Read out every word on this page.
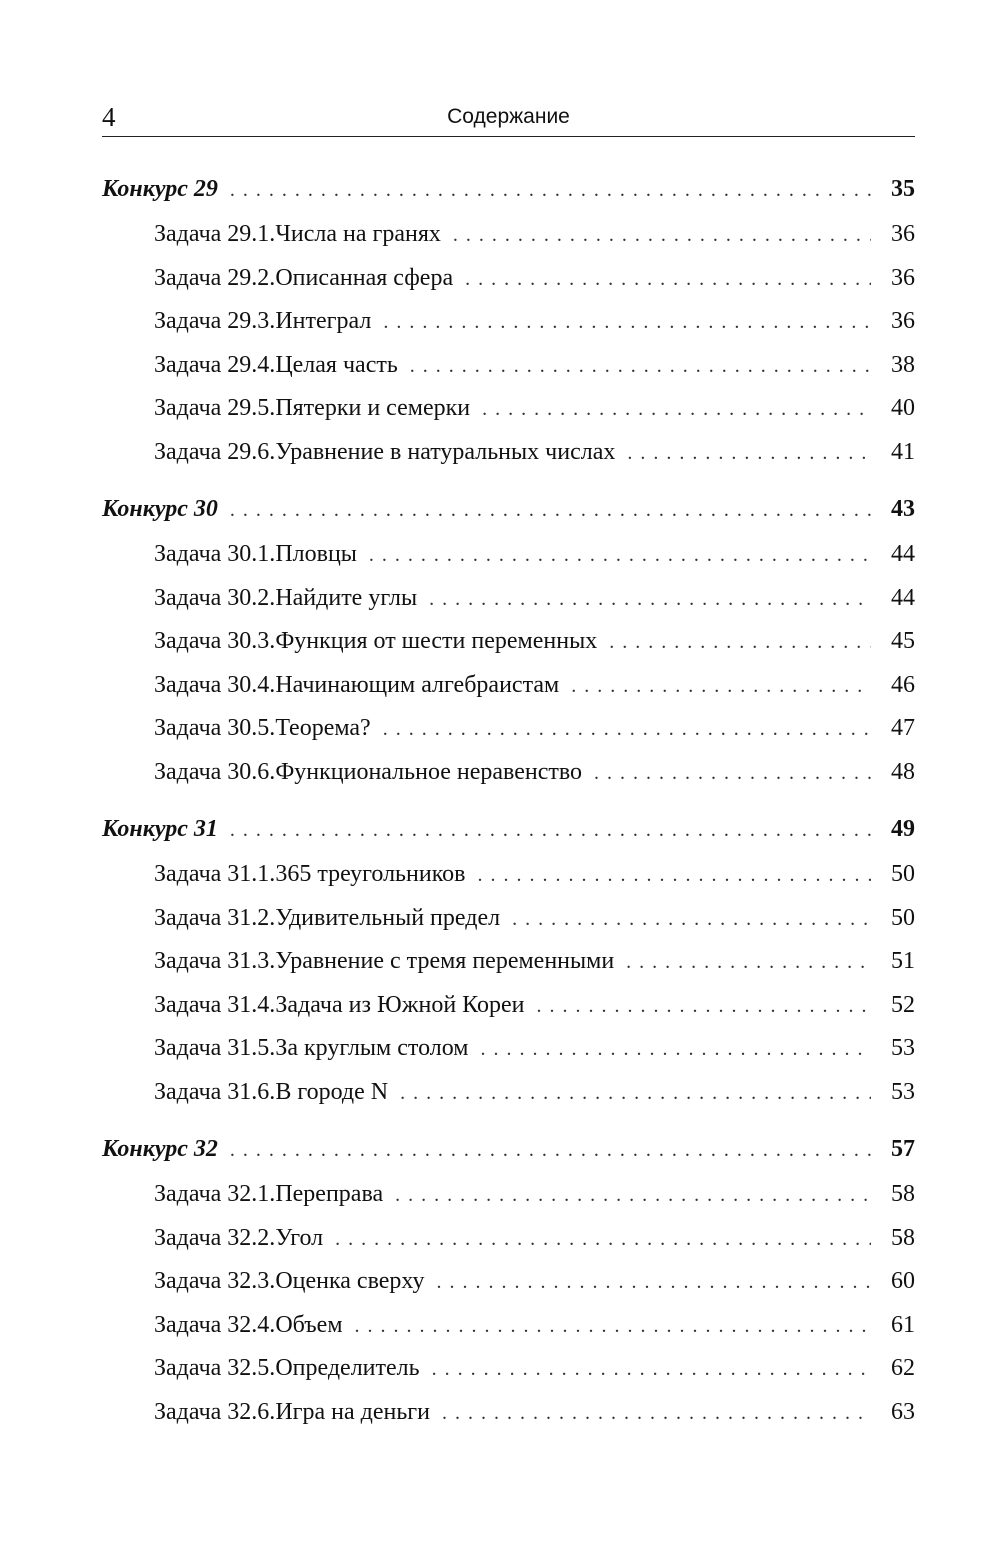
4	Содержание
Конкурс 29 . . .	35
Задача 29.1. Числа на гранях . . .	36
Задача 29.2. Описанная сфера . . .	36
Задача 29.3. Интеграл . . .	36
Задача 29.4. Целая часть . . .	38
Задача 29.5. Пятерки и семерки . . .	40
Задача 29.6. Уравнение в натуральных числах . . .	41
Конкурс 30 . . .	43
Задача 30.1. Пловцы . . .	44
Задача 30.2. Найдите углы . . .	44
Задача 30.3. Функция от шести переменных . . .	45
Задача 30.4. Начинающим алгебраистам . . .	46
Задача 30.5. Теорема? . . .	47
Задача 30.6. Функциональное неравенство . . .	48
Конкурс 31 . . .	49
Задача 31.1. 365 треугольников . . .	50
Задача 31.2. Удивительный предел . . .	50
Задача 31.3. Уравнение с тремя переменными . . .	51
Задача 31.4. Задача из Южной Кореи . . .	52
Задача 31.5. За круглым столом . . .	53
Задача 31.6. В городе N . . .	53
Конкурс 32 . . .	57
Задача 32.1. Переправа . . .	58
Задача 32.2. Угол . . .	58
Задача 32.3. Оценка сверху . . .	60
Задача 32.4. Объем . . .	61
Задача 32.5. Определитель . . .	62
Задача 32.6. Игра на деньги . . .	63
